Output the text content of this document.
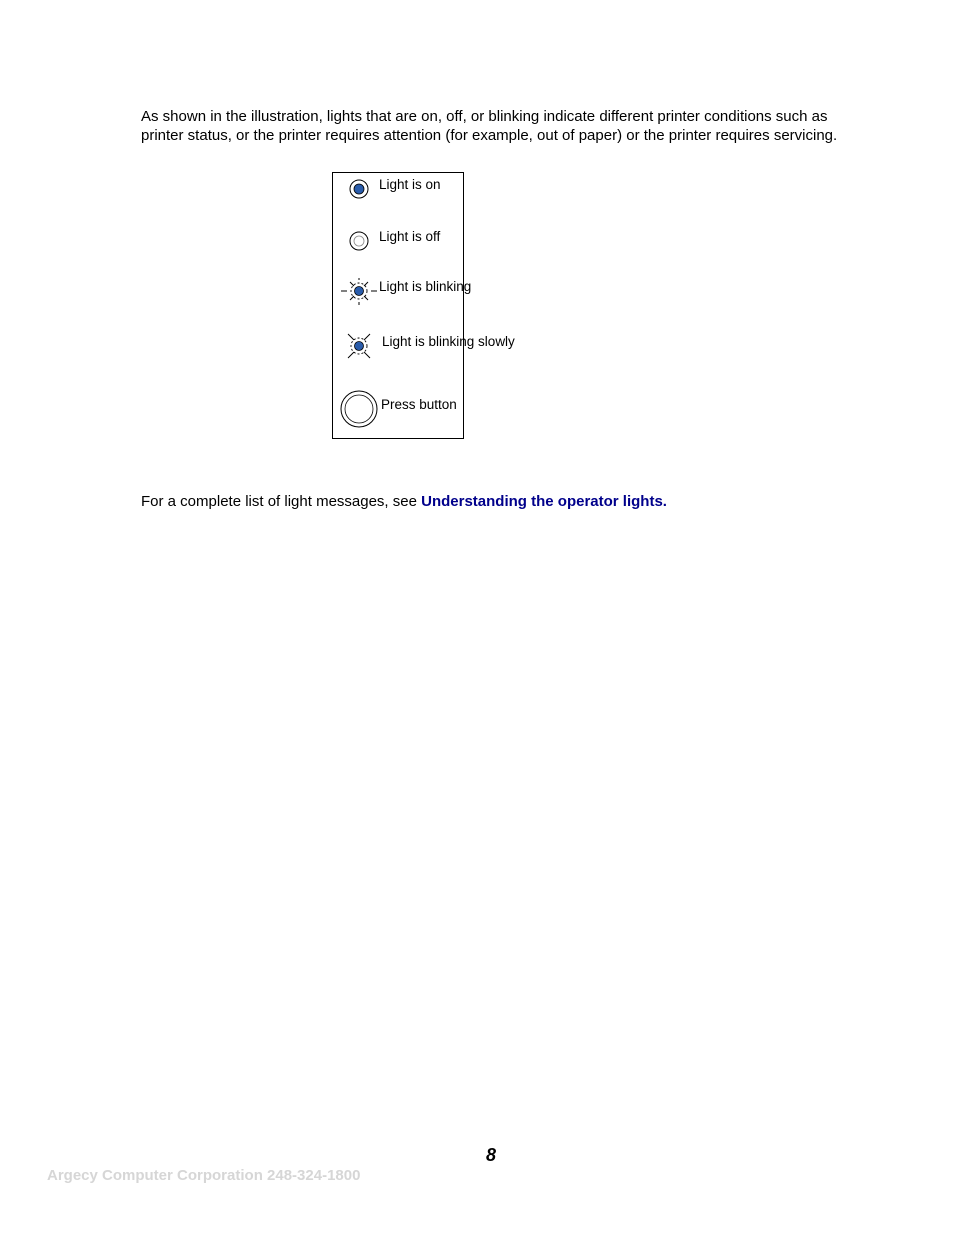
As shown in the illustration, lights that are on, off, or blinking indicate different printer conditions such as printer status, or the printer requires attention (for example, out of paper) or the printer requires servicing.

Light is on
Light is off
Light is blinking
Light is blinking slowly
Press button

For a complete list of light messages, see Understanding the operator lights.

8
Argecy Computer Corporation 248-324-1800
